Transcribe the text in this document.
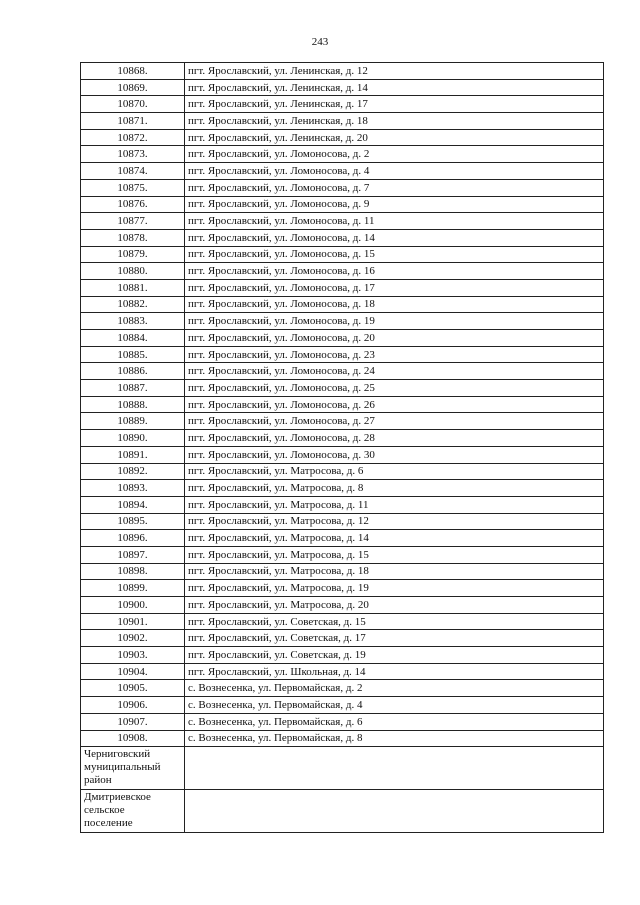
243
10868.	пгт. Ярославский, ул. Ленинская, д. 12
10869.	пгт. Ярославский, ул. Ленинская, д. 14
10870.	пгт. Ярославский, ул. Ленинская, д. 17
10871.	пгт. Ярославский, ул. Ленинская, д. 18
10872.	пгт. Ярославский, ул. Ленинская, д. 20
10873.	пгт. Ярославский, ул. Ломоносова, д. 2
10874.	пгт. Ярославский, ул. Ломоносова, д. 4
10875.	пгт. Ярославский, ул. Ломоносова, д. 7
10876.	пгт. Ярославский, ул. Ломоносова, д. 9
10877.	пгт. Ярославский, ул. Ломоносова, д. 11
10878.	пгт. Ярославский, ул. Ломоносова, д. 14
10879.	пгт. Ярославский, ул. Ломоносова, д. 15
10880.	пгт. Ярославский, ул. Ломоносова, д. 16
10881.	пгт. Ярославский, ул. Ломоносова, д. 17
10882.	пгт. Ярославский, ул. Ломоносова, д. 18
10883.	пгт. Ярославский, ул. Ломоносова, д. 19
10884.	пгт. Ярославский, ул. Ломоносова, д. 20
10885.	пгт. Ярославский, ул. Ломоносова, д. 23
10886.	пгт. Ярославский, ул. Ломоносова, д. 24
10887.	пгт. Ярославский, ул. Ломоносова, д. 25
10888.	пгт. Ярославский, ул. Ломоносова, д. 26
10889.	пгт. Ярославский, ул. Ломоносова, д. 27
10890.	пгт. Ярославский, ул. Ломоносова, д. 28
10891.	пгт. Ярославский, ул. Ломоносова, д. 30
10892.	пгт. Ярославский, ул. Матросова, д. 6
10893.	пгт. Ярославский, ул. Матросова, д. 8
10894.	пгт. Ярославский, ул. Матросова, д. 11
10895.	пгт. Ярославский, ул. Матросова, д. 12
10896.	пгт. Ярославский, ул. Матросова, д. 14
10897.	пгт. Ярославский, ул. Матросова, д. 15
10898.	пгт. Ярославский, ул. Матросова, д. 18
10899.	пгт. Ярославский, ул. Матросова, д. 19
10900.	пгт. Ярославский, ул. Матросова, д. 20
10901.	пгт. Ярославский, ул. Советская, д. 15
10902.	пгт. Ярославский, ул. Советская, д. 17
10903.	пгт. Ярославский, ул. Советская, д. 19
10904.	пгт. Ярославский, ул. Школьная, д. 14
10905.	с. Вознесенка, ул. Первомайская, д. 2
10906.	с. Вознесенка, ул. Первомайская, д. 4
10907.	с. Вознесенка, ул. Первомайская, д. 6
10908.	с. Вознесенка, ул. Первомайская, д. 8

Черниговский
муниципальный
район	

Дмитриевское
сельское
поселение	
